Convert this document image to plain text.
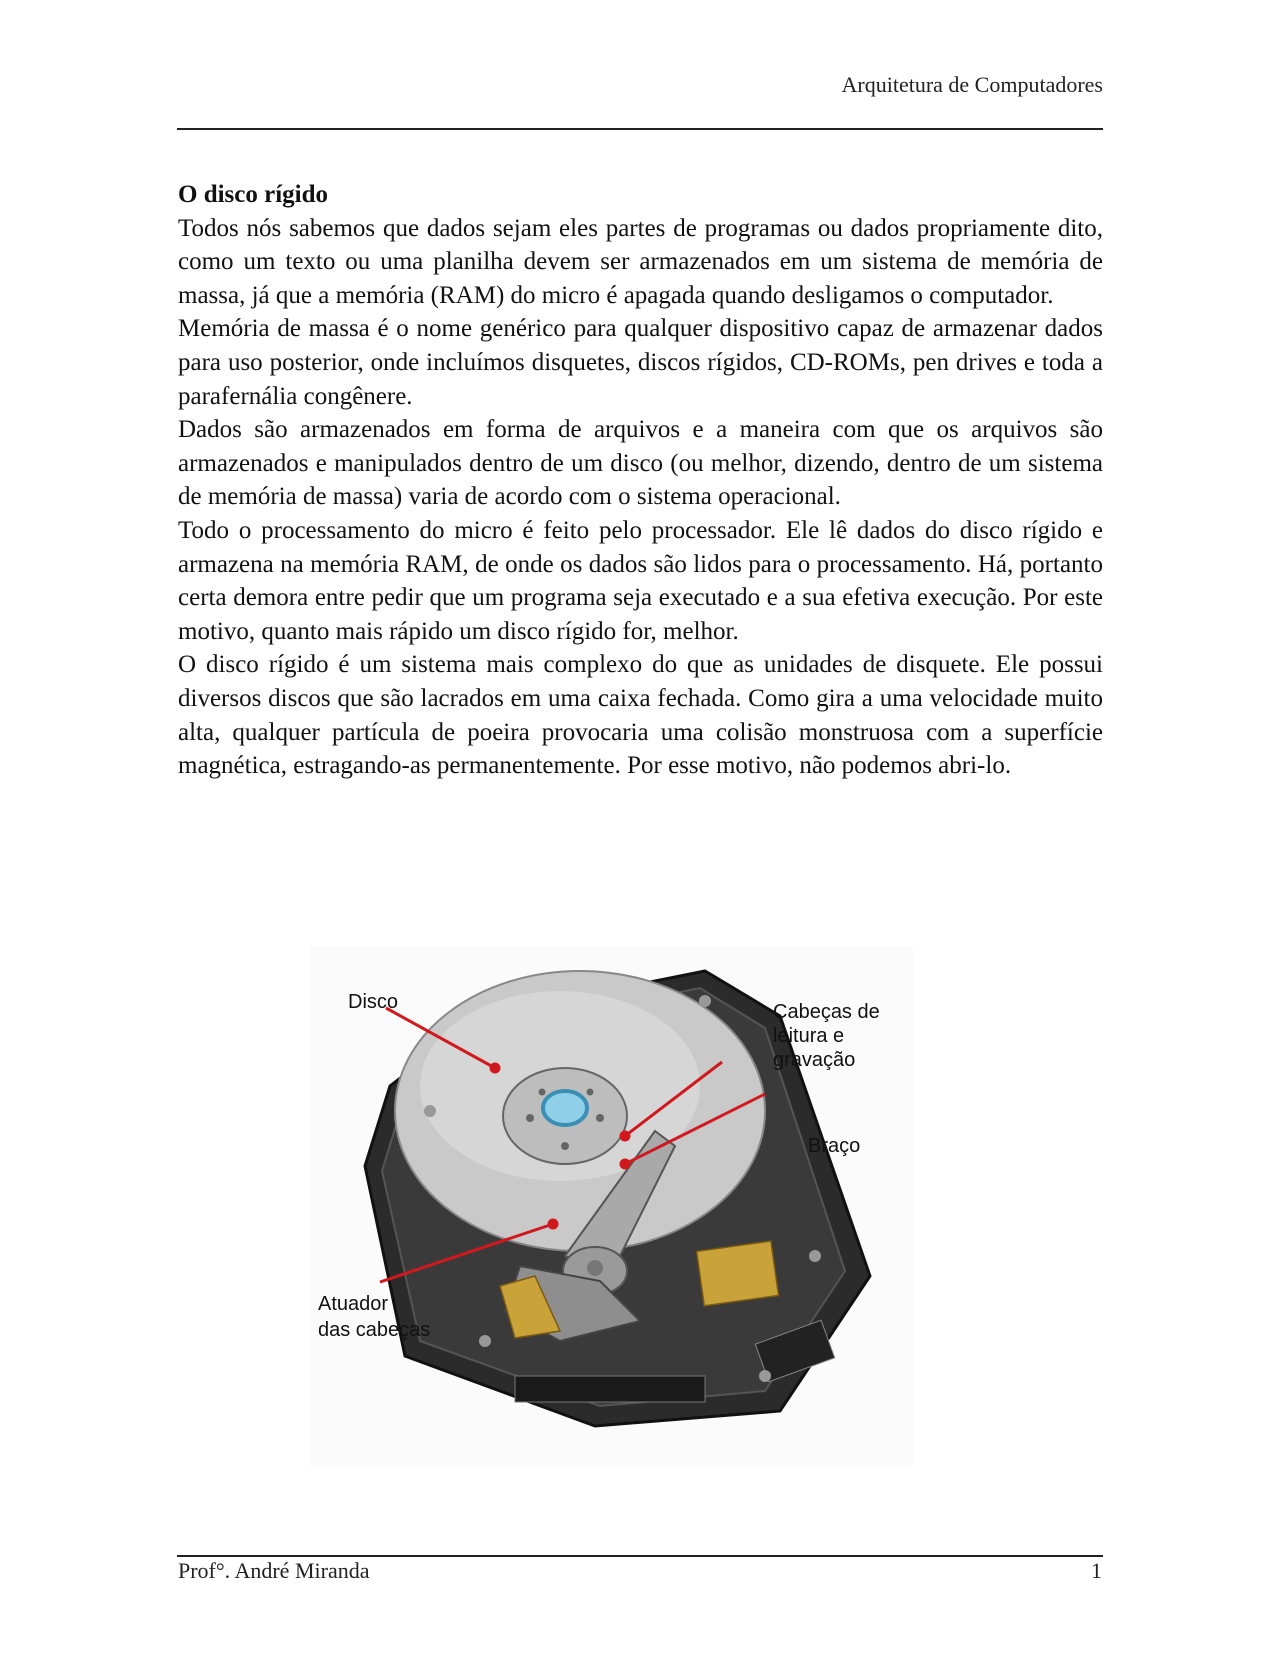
Arquitetura de Computadores

O disco rígido

Todos nós sabemos que dados sejam eles partes de programas ou dados propriamente dito, como um texto ou uma planilha devem ser armazenados em um sistema de memória de massa, já que a memória (RAM) do micro é apagada quando desligamos o computador.

Memória de massa é o nome genérico para qualquer dispositivo capaz de armazenar dados para uso posterior, onde incluímos disquetes, discos rígidos, CD-ROMs, pen drives e toda a parafernália congênere.

Dados são armazenados em forma de arquivos e a maneira com que os arquivos são armazenados e manipulados dentro de um disco (ou melhor, dizendo, dentro de um sistema de memória de massa) varia de acordo com o sistema operacional.

Todo o processamento do micro é feito pelo processador. Ele lê dados do disco rígido e armazena na memória RAM, de onde os dados são lidos para o processamento. Há, portanto certa demora entre pedir que um programa seja executado e a sua efetiva execução. Por este motivo, quanto mais rápido um disco rígido for, melhor.

O disco rígido é um sistema mais complexo do que as unidades de disquete. Ele possui diversos discos que são lacrados em uma caixa fechada. Como gira a uma velocidade muito alta, qualquer partícula de poeira provocaria uma colisão monstruosa com a superfície magnética, estragando-as permanentemente. Por esse motivo, não podemos abri-lo.

Disco	Cabeças de
leitura e
gravação
Braço
Atuador
das cabeças
Prof°. André Miranda	1
